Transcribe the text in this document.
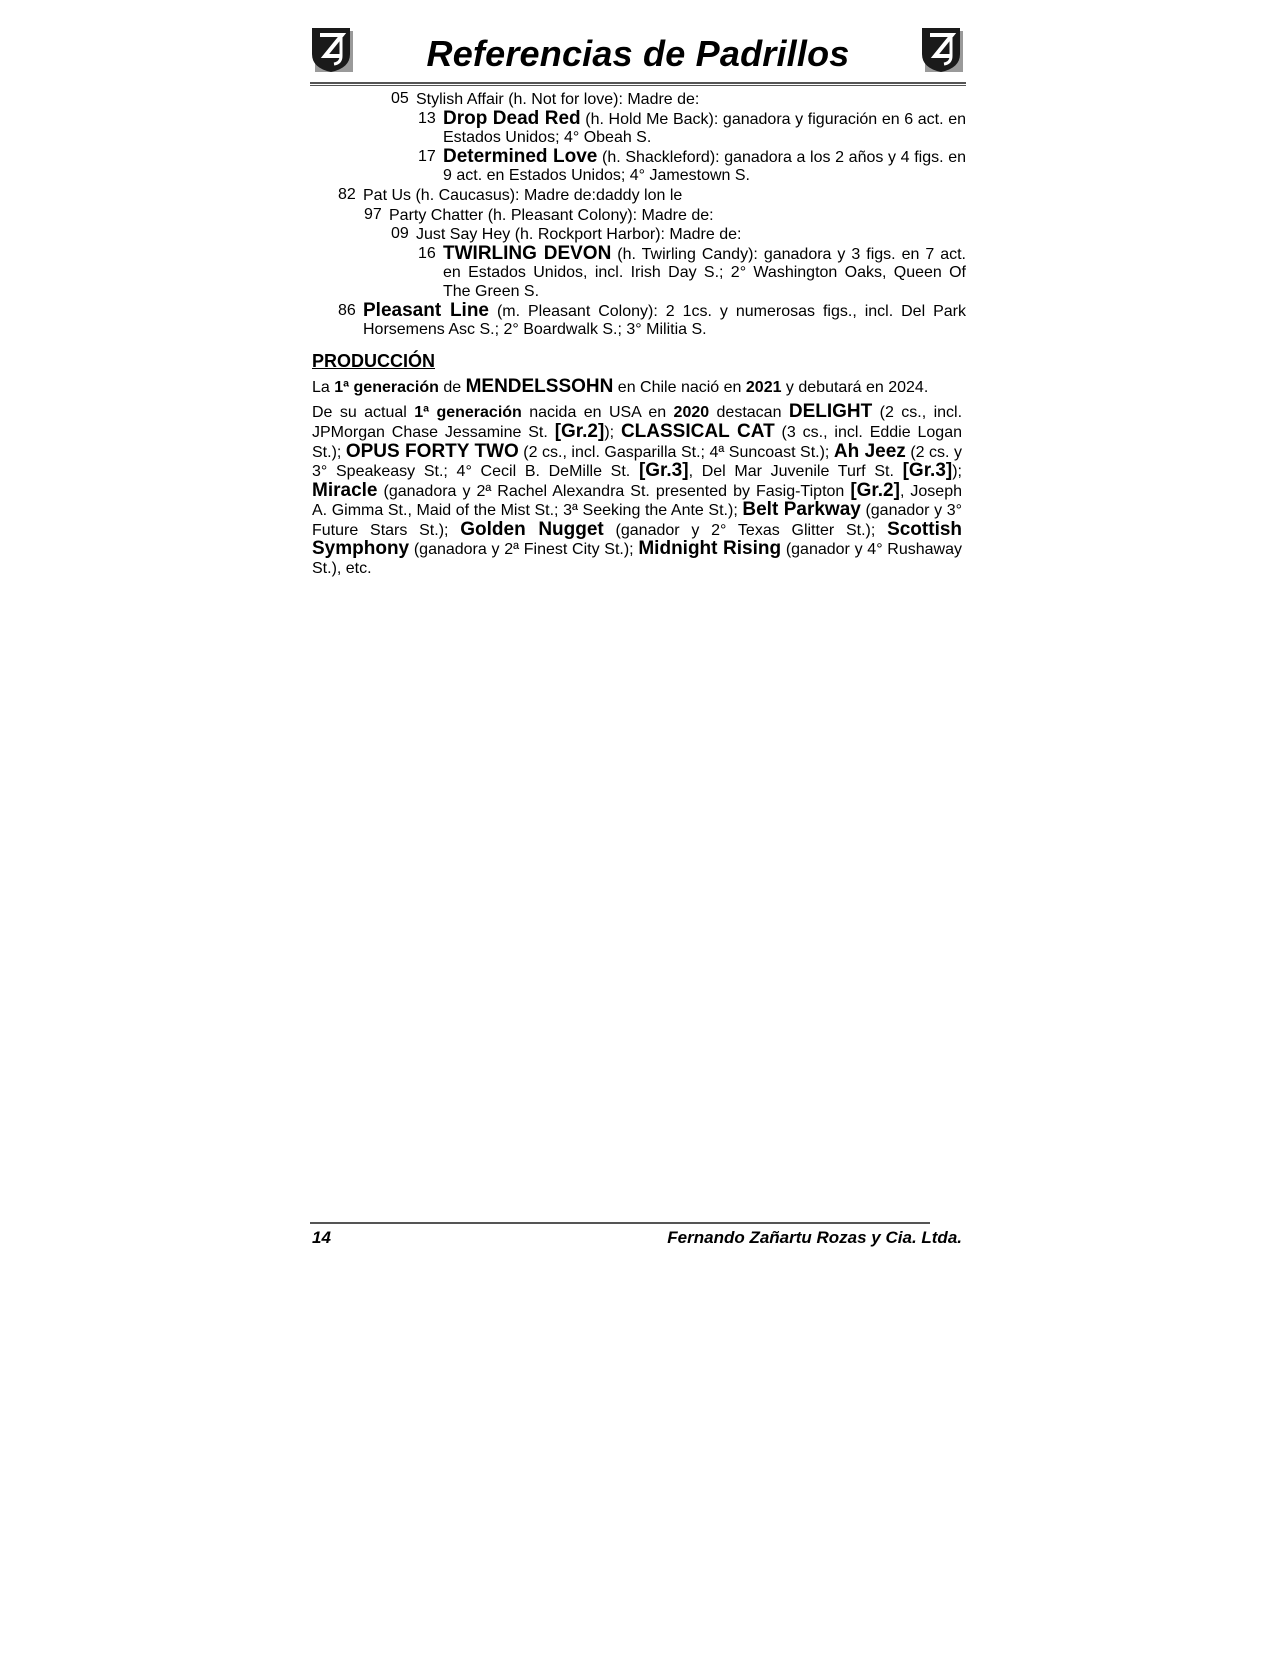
Referencias de Padrillos
05 Stylish Affair (h. Not for love): Madre de:
13 Drop Dead Red (h. Hold Me Back): ganadora y figuración en 6 act. en Estados Unidos; 4° Obeah S.
17 Determined Love (h. Shackleford): ganadora a los 2 años y 4 figs. en 9 act. en Estados Unidos; 4° Jamestown S.
82 Pat Us (h. Caucasus): Madre de:daddy lon le
97 Party Chatter (h. Pleasant Colony): Madre de:
09 Just Say Hey (h. Rockport Harbor): Madre de:
16 TWIRLING DEVON (h. Twirling Candy): ganadora y 3 figs. en 7 act. en Estados Unidos, incl. Irish Day S.; 2° Washington Oaks, Queen Of The Green S.
86 Pleasant Line (m. Pleasant Colony): 2 1cs. y numerosas figs., incl. Del Park Horsemens Asc S.; 2° Boardwalk S.; 3° Militia S.
PRODUCCIÓN
La 1ª generación de MENDELSSOHN en Chile nació en 2021 y debutará en 2024.
De su actual 1ª generación nacida en USA en 2020 destacan DELIGHT (2 cs., incl. JPMorgan Chase Jessamine St. [Gr.2]); CLASSICAL CAT (3 cs., incl. Eddie Logan St.); OPUS FORTY TWO (2 cs., incl. Gasparilla St.; 4ª Suncoast St.); Ah Jeez (2 cs. y 3° Speakeasy St.; 4° Cecil B. DeMille St. [Gr.3], Del Mar Juvenile Turf St. [Gr.3]); Miracle (ganadora y 2ª Rachel Alexandra St. presented by Fasig-Tipton [Gr.2], Joseph A. Gimma St., Maid of the Mist St.; 3ª Seeking the Ante St.); Belt Parkway (ganador y 3° Future Stars St.); Golden Nugget (ganador y 2° Texas Glitter St.); Scottish Symphony (ganadora y 2ª Finest City St.); Midnight Rising (ganador y 4° Rushaway St.), etc.
14	Fernando Zañartu Rozas y Cia. Ltda.
